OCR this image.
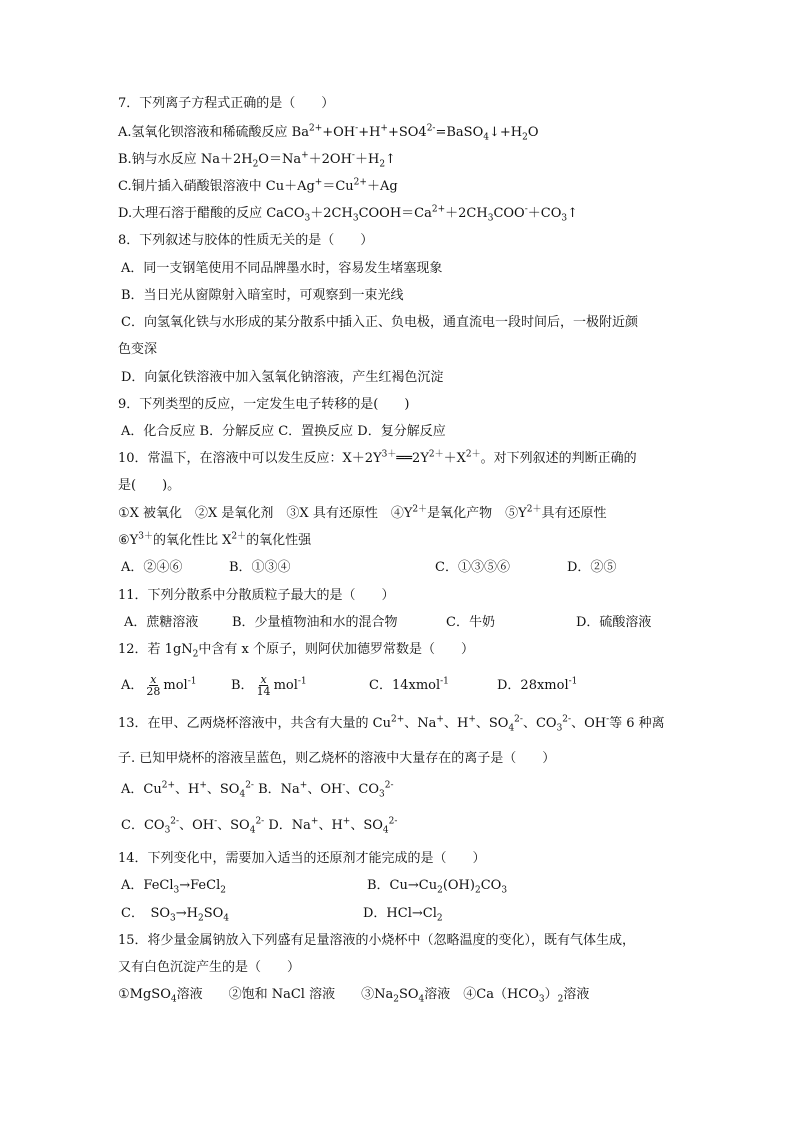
7．下列离子方程式正确的是（　　）
A.氢氧化钡溶液和稀硫酸反应 $Ba^{2+}+OH^-+H^++SO4^{2-}=BaSO_4↓+H_2O$
B.钠与水反应 $Na+2H_2O=Na^++2OH^-+H_2↑$
C.铜片插入硝酸银溶液中 $Cu+Ag^+=Cu^{2+}+Ag$
D.大理石溶于醋酸的反应 $CaCO_3+2CH_3COOH=Ca^{2+}+2CH_3COO^-+CO_3↑$
8．下列叙述与胶体的性质无关的是（　　）
A．同一支钢笔使用不同品牌墨水时，容易发生堵塞现象
B．当日光从窗隙射入暗室时，可观察到一束光线
C．向氢氧化铁与水形成的某分散系中插入正、负电极，通直流电一段时间后，一极附近颜
色变深
D．向氯化铁溶液中加入氢氧化钠溶液，产生红褐色沉淀
9．下列类型的反应，一定发生电子转移的是(　　)
A．化合反应 B．分解反应 C．置换反应 D．复分解反应
10．常温下，在溶液中可以发生反应：$X+2Y^{3+}══2Y^{2+}+X^{2+}$。对下列叙述的判断正确的
是(　　)。
①X 被氧化　②X 是氧化剂　③X 具有还原性　$④Y^{2+}$是氧化产物　$⑤Y^{2+}$具有还原性
$⑥Y^{3+}$的氧化性比 $X^{2+}$的氧化性强
A．②④⑥	B．①③④	C．①③⑤⑥	D．②⑤
11．下列分散系中分散质粒子最大的是（　　）
A．蔗糖溶液	B．少量植物油和水的混合物	C．牛奶	D．硫酸溶液
12．若 $1gN_2$中含有 x 个原子，则阿伏加德罗常数是（　　）
A． $\frac{x}{28} mol^{-1}$	B． $\frac{x}{14} mol^{-1}$	C．14xmol$^{-1}$	D．28xmol$^{-1}$
13．在甲、乙两烧杯溶液中，共含有大量的 $Cu^{2+}$、Na+、H+、$SO_4^{2-}$、$CO_3^{2-}$、OH-等 6 种离
子. 已知甲烧杯的溶液呈蓝色，则乙烧杯的溶液中大量存在的离子是（　　）
A．$Cu^{2+}$、H+、$SO_4^{2-}$ B．Na+、OH-、$CO_3^{2-}$
C．$CO_3^{2-}$、OH-、$SO_4^{2-}$ D．Na+、H+、$SO_4^{2-}$
14．下列变化中，需要加入适当的还原剂才能完成的是（　　）
A．FeCl$_3$→FeCl$_2$	B．$Cu\to Cu_2(OH)_2CO_3$
C．　$SO_3\to H_2SO_4$	D．$HCl\to Cl_2$
15．将少量金属钠放入下列盛有足量溶液的小烧杯中（忽略温度的变化），既有气体生成，
又有白色沉淀产生的是（　　）
①MgSO$_4$溶液　　②饱和 NaCl 溶液　　$③Na_2SO_4$溶液　$④Ca(HCO_3)_2$溶液
